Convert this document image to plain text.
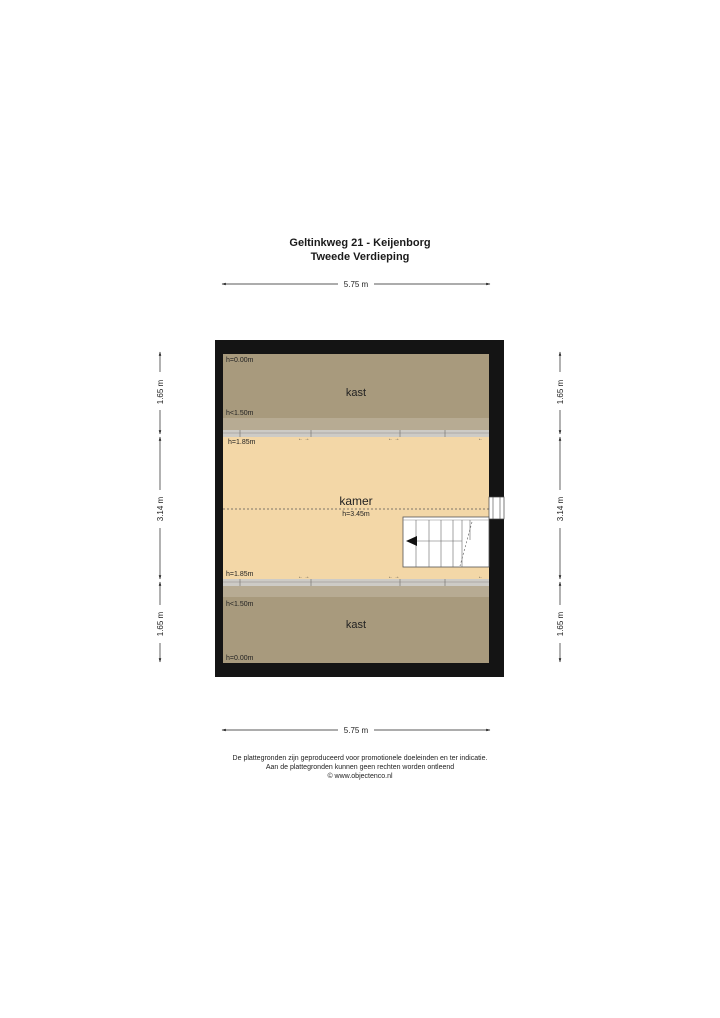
Geltinkweg 21 - Keijenborg
Tweede Verdieping
← →	← →	←
← →	← →	←
kast
h=0.00m
h<1.50m
kamer
h=1.85m
h=3.45m
h=1.85m
kast
h<1.50m
h=0.00m
5.75 m
5.75 m
1.65 m
3.14 m
1.65 m
1.65 m
3.14 m
1.65 m
De plattegronden zijn geproduceerd voor promotionele doeleinden en ter indicatie.
Aan de plattegronden kunnen geen rechten worden ontleend
© www.objectenco.nl
